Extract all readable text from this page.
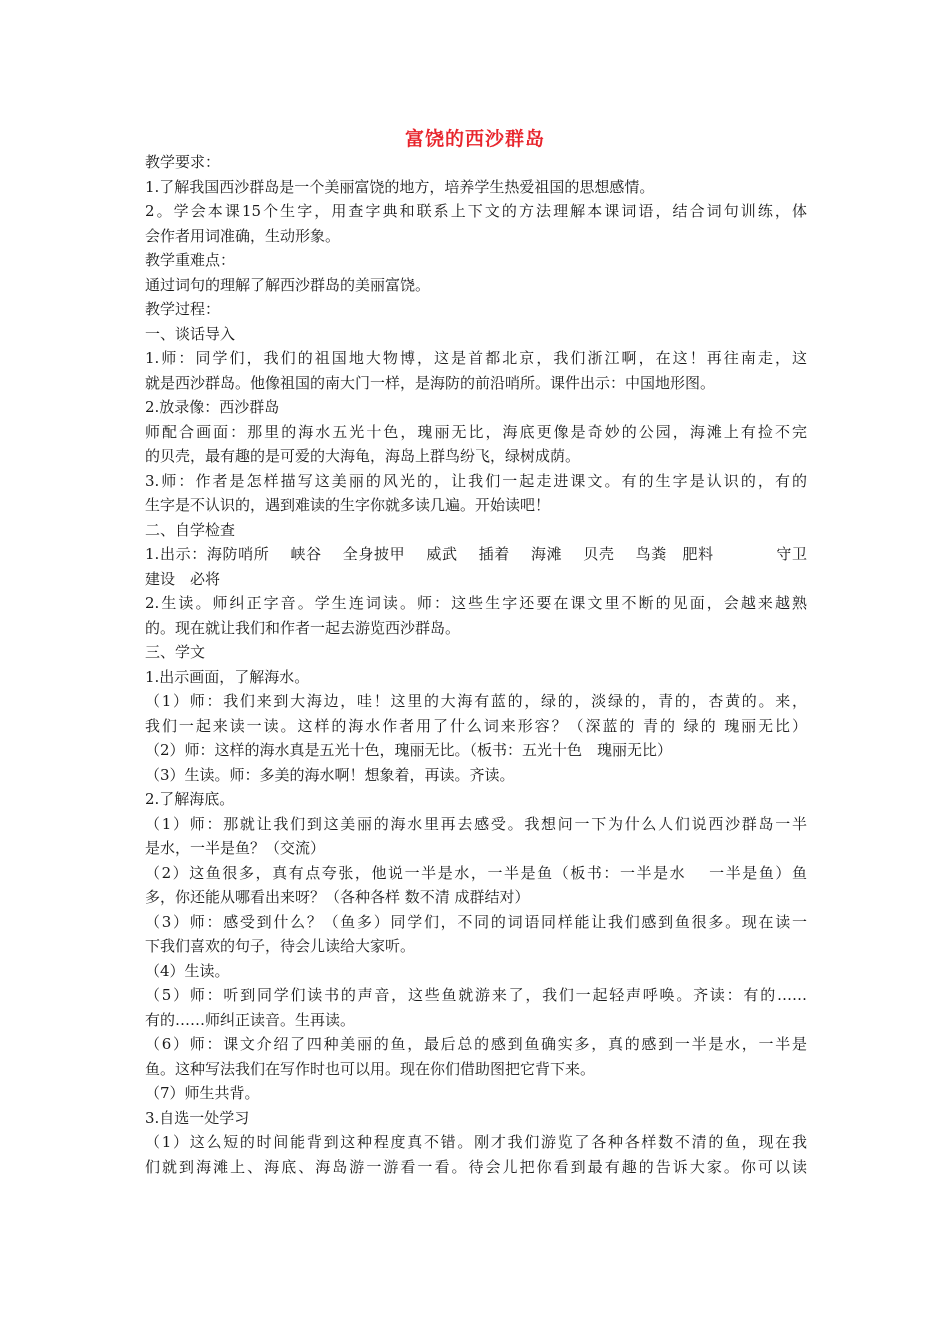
富饶的西沙群岛
教学要求：
1.了解我国西沙群岛是一个美丽富饶的地方，培养学生热爱祖国的思想感情。
2。学会本课15个生字，用查字典和联系上下文的方法理解本课词语，结合词句训练，体
会作者用词准确，生动形象。
教学重难点：
通过词句的理解了解西沙群岛的美丽富饶。
教学过程：
一、谈话导入
1.师：同学们，我们的祖国地大物博，这是首都北京，我们浙江啊，在这！再往南走，这
就是西沙群岛。他像祖国的南大门一样，是海防的前沿哨所。课件出示：中国地形图。
2.放录像：西沙群岛
师配合画面：那里的海水五光十色，瑰丽无比，海底更像是奇妙的公园，海滩上有捡不完
的贝壳，最有趣的是可爱的大海龟，海岛上群鸟纷飞，绿树成荫。
3.师：作者是怎样描写这美丽的风光的，让我们一起走进课文。有的生字是认识的，有的
生字是不认识的，遇到难读的生字你就多读几遍。开始读吧！
二、自学检查
1.出示：海防哨所　 峡谷　 全身披甲　 威武　 插着　 海滩　 贝壳　 鸟粪　肥料　　　　守卫
建设　必将
2.生读。师纠正字音。学生连词读。师：这些生字还要在课文里不断的见面，会越来越熟
的。现在就让我们和作者一起去游览西沙群岛。
三、学文
1.出示画面，了解海水。
（1）师：我们来到大海边，哇！这里的大海有蓝的，绿的，淡绿的，青的，杏黄的。来，
我们一起来读一读。这样的海水作者用了什么词来形容？（深蓝的 青的 绿的 瑰丽无比）
（2）师：这样的海水真是五光十色，瑰丽无比。（板书：五光十色　瑰丽无比）
（3）生读。师：多美的海水啊！想象着，再读。齐读。
2.了解海底。
（1）师：那就让我们到这美丽的海水里再去感受。我想问一下为什么人们说西沙群岛一半
是水，一半是鱼？（交流）
（2）这鱼很多，真有点夸张，他说一半是水，一半是鱼（板书：一半是水　 一半是鱼）鱼
多，你还能从哪看出来呀？（各种各样 数不清 成群结对）
（3）师：感受到什么？（鱼多）同学们，不同的词语同样能让我们感到鱼很多。现在读一
下我们喜欢的句子，待会儿读给大家听。
（4）生读。
（5）师：听到同学们读书的声音，这些鱼就游来了，我们一起轻声呼唤。齐读：有的……
有的……师纠正读音。生再读。
（6）师：课文介绍了四种美丽的鱼，最后总的感到鱼确实多，真的感到一半是水，一半是
鱼。这种写法我们在写作时也可以用。现在你们借助图把它背下来。
（7）师生共背。
3.自选一处学习
（1）这么短的时间能背到这种程度真不错。刚才我们游览了各种各样数不清的鱼，现在我
们就到海滩上、海底、海岛游一游看一看。待会儿把你看到最有趣的告诉大家。你可以读
